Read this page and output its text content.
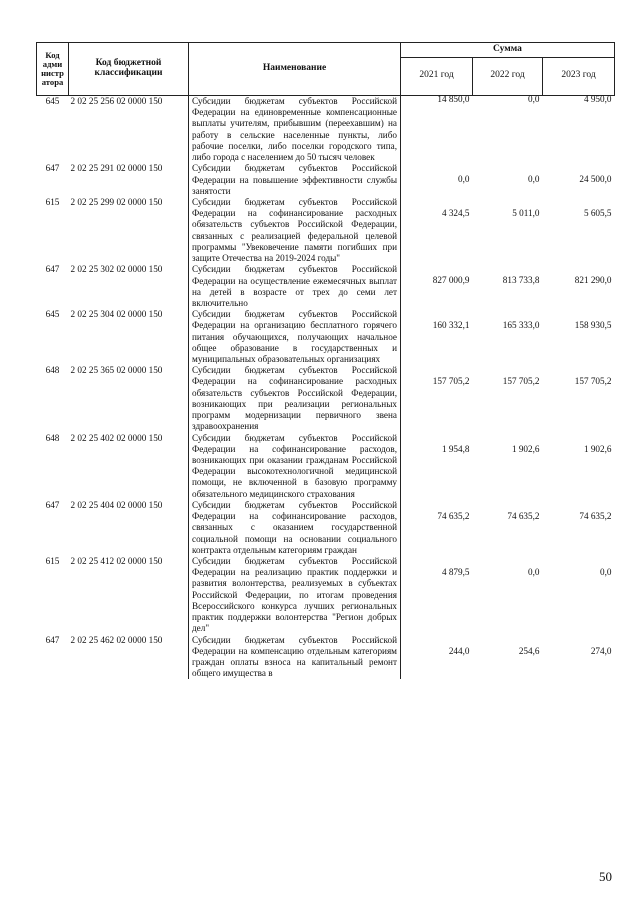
Код адми нистр атора	Код бюджетной классификации	Наименование	Сумма		
			2021 год	2022 год	2023 год
645	2 02 25 256 02 0000 150	Субсидии бюджетам субъектов Российской Федерации на единовременные компенсационные выплаты учителям, прибывшим (переехавшим) на работу в сельские населенные пункты, либо рабочие поселки, либо поселки городского типа, либо города с населением до 50 тысяч человек	14 850,0	0,0	4 950,0

647	2 02 25 291 02 0000 150	Субсидии бюджетам субъектов Российской Федерации на повышение эффективности службы занятости	0,0	0,0	24 500,0

615	2 02 25 299 02 0000 150	Субсидии бюджетам субъектов Российской Федерации на софинансирование расходных обязательств субъектов Российской Федерации, связанных с реализацией федеральной целевой программы "Увековечение памяти погибших при защите Отечества на 2019-2024 годы"	4 324,5	5 011,0	5 605,5

647	2 02 25 302 02 0000 150	Субсидии бюджетам субъектов Российской Федерации на осуществление ежемесячных выплат на детей в возрасте от трех до семи лет включительно	827 000,9	813 733,8	821 290,0

645	2 02 25 304 02 0000 150	Субсидии бюджетам субъектов Российской Федерации на организацию бесплатного горячего питания обучающихся, получающих начальное общее образование в государственных и муниципальных образовательных организациях	160 332,1	165 333,0	158 930,5

648	2 02 25 365 02 0000 150	Субсидии бюджетам субъектов Российской Федерации на софинансирование расходных обязательств субъектов Российской Федерации, возникающих при реализации региональных программ модернизации первичного звена здравоохранения	157 705,2	157 705,2	157 705,2

648	2 02 25 402 02 0000 150	Субсидии бюджетам субъектов Российской Федерации на софинансирование расходов, возникающих при оказании гражданам Российской Федерации высокотехнологичной медицинской помощи, не включенной в базовую программу обязательного медицинского страхования	1 954,8	1 902,6	1 902,6

647	2 02 25 404 02 0000 150	Субсидии бюджетам субъектов Российской Федерации на софинансирование расходов, связанных с оказанием государственной социальной помощи на основании социального контракта отдельным категориям граждан	74 635,2	74 635,2	74 635,2

615	2 02 25 412 02 0000 150	Субсидии бюджетам субъектов Российской Федерации на реализацию практик поддержки и развития волонтерства, реализуемых в субъектах Российской Федерации, по итогам проведения Всероссийского конкурса лучших региональных практик поддержки волонтерства "Регион добрых дел"	4 879,5	0,0	0,0

647	2 02 25 462 02 0000 150	Субсидии бюджетам субъектов Российской Федерации на компенсацию отдельным категориям граждан оплаты взноса на капитальный ремонт общего имущества в	244,0	254,6	274,0
50
